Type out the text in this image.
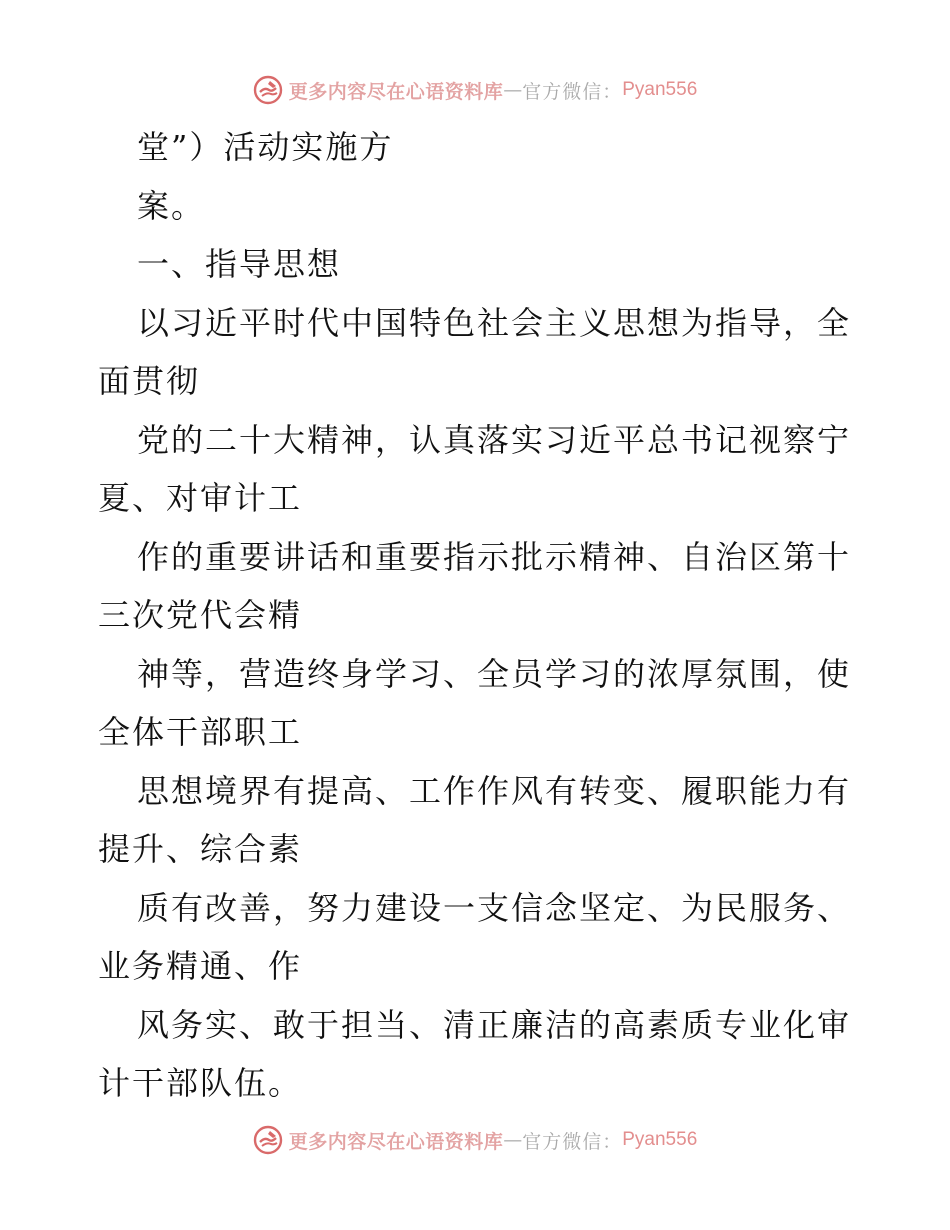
更多内容尽在心语资料库 — 官方微信： Pyan556
堂”）活动实施方
案。
一、指导思想
以习近平时代中国特色社会主义思想为指导，全
面贯彻
党的二十大精神，认真落实习近平总书记视察宁
夏、对审计工
作的重要讲话和重要指示批示精神、自治区第十
三次党代会精
神等，营造终身学习、全员学习的浓厚氛围，使
全体干部职工
思想境界有提高、工作作风有转变、履职能力有
提升、综合素
质有改善，努力建设一支信念坚定、为民服务、
业务精通、作
风务实、敢于担当、清正廉洁的高素质专业化审
计干部队伍。
更多内容尽在心语资料库 — 官方微信： Pyan556
